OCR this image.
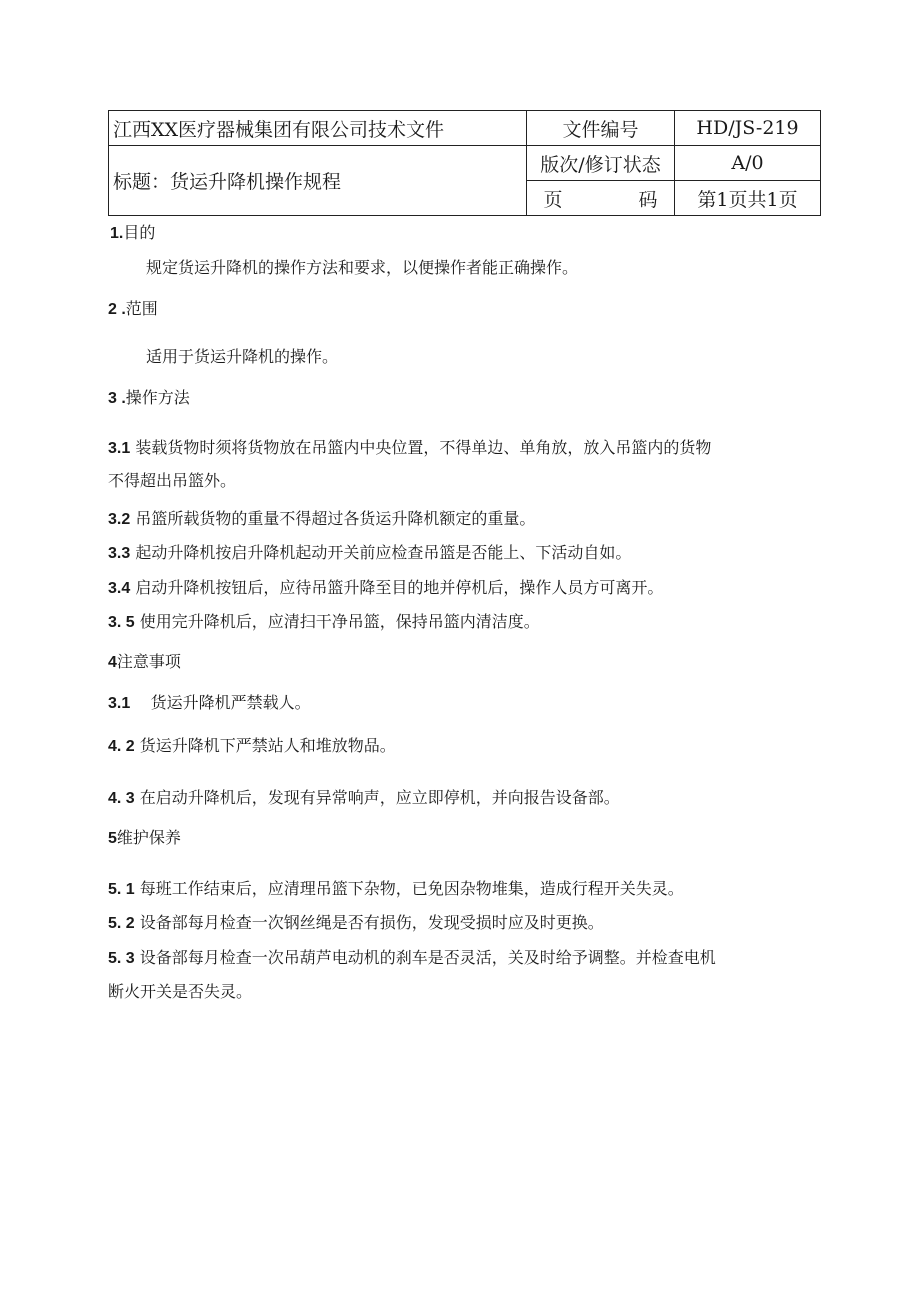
江西XX医疗器械集团有限公司技术文件	文件编号	HD/JS-219
标题：货运升降机操作规程	版次/修订状态	A/0
	页码	第1页共1页
1.目的
规定货运升降机的操作方法和要求，以便操作者能正确操作。
2 .范围
适用于货运升降机的操作。
3 .操作方法
3.1 装载货物时须将货物放在吊篮内中央位置，不得单边、单角放，放入吊篮内的货物
不得超出吊篮外。
3.2 吊篮所载货物的重量不得超过各货运升降机额定的重量。
3.3 起动升降机按启升降机起动开关前应检查吊篮是否能上、下活动自如。
3.4 启动升降机按钮后，应待吊篮升降至目的地并停机后，操作人员方可离开。
3. 5 使用完升降机后，应清扫干净吊篮，保持吊篮内清洁度。
4注意事项
3.1 货运升降机严禁载人。
4. 2 货运升降机下严禁站人和堆放物品。
4. 3 在启动升降机后，发现有异常响声，应立即停机，并向报告设备部。
5维护保养
5. 1 每班工作结束后，应清理吊篮下杂物，已免因杂物堆集，造成行程开关失灵。
5. 2 设备部每月检查一次钢丝绳是否有损伤，发现受损时应及时更换。
5. 3 设备部每月检查一次吊葫芦电动机的刹车是否灵活，关及时给予调整。并检查电机
断火开关是否失灵。
